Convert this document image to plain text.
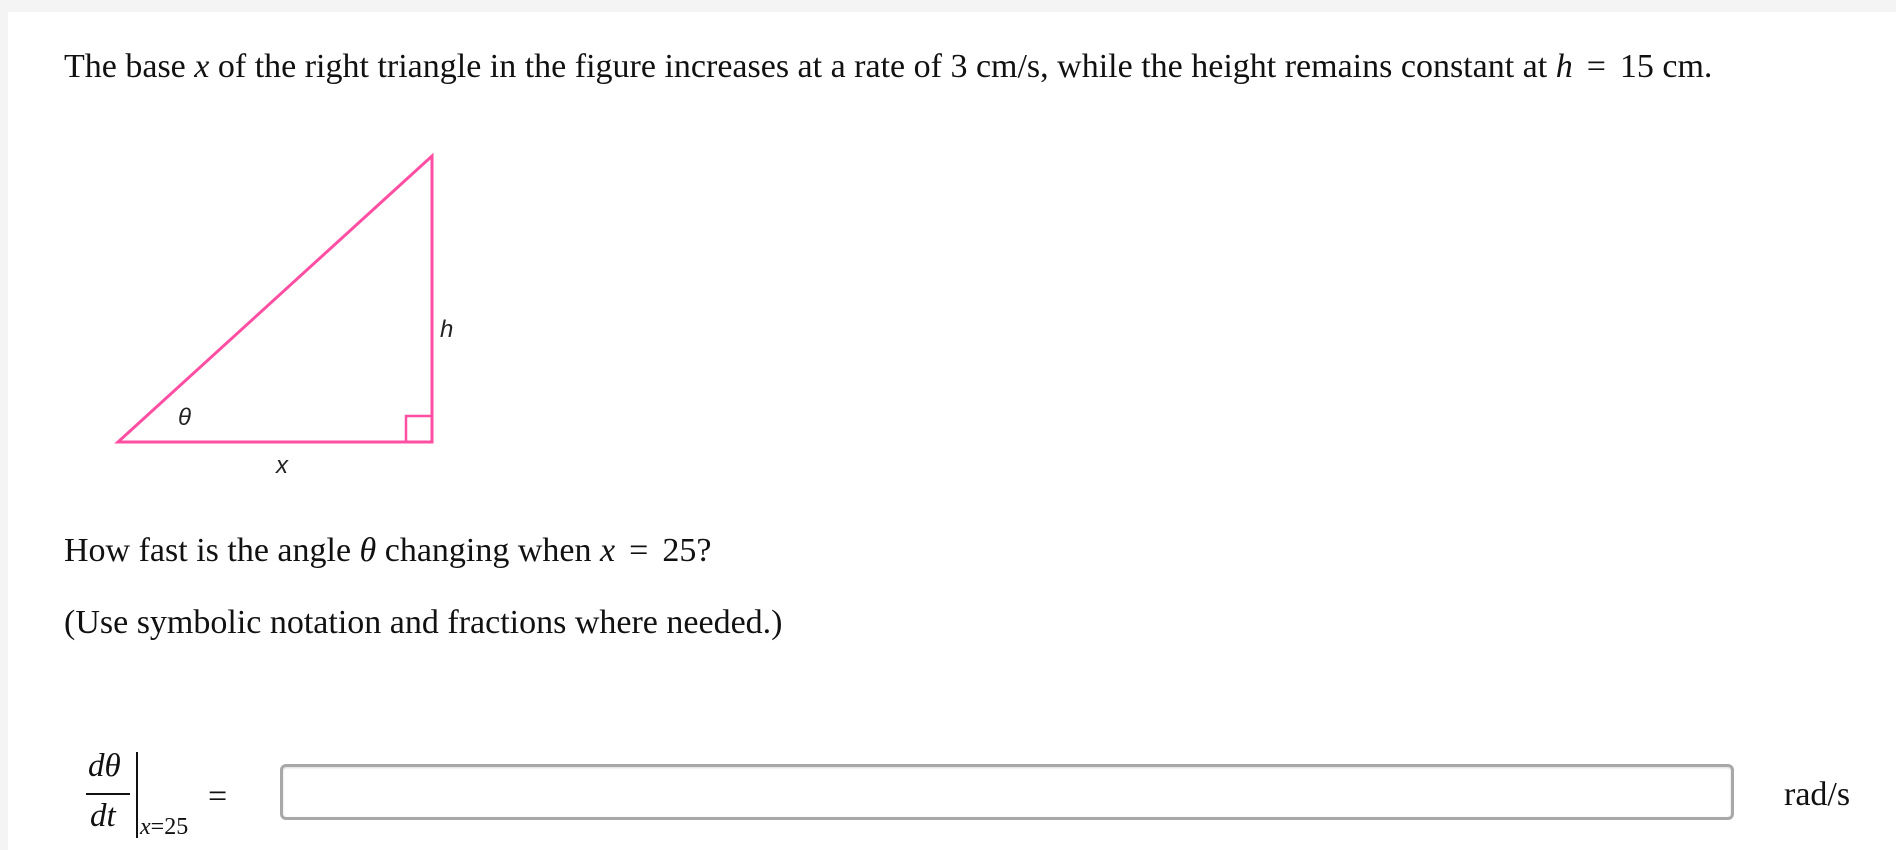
The base x of the right triangle in the figure increases at a rate of 3 cm/s, while the height remains constant at h = 15 cm.
h
θ
x
How fast is the angle θ changing when x = 25?
(Use symbolic notation and fractions where needed.)
dθ
dt x=25
=	rad/s
